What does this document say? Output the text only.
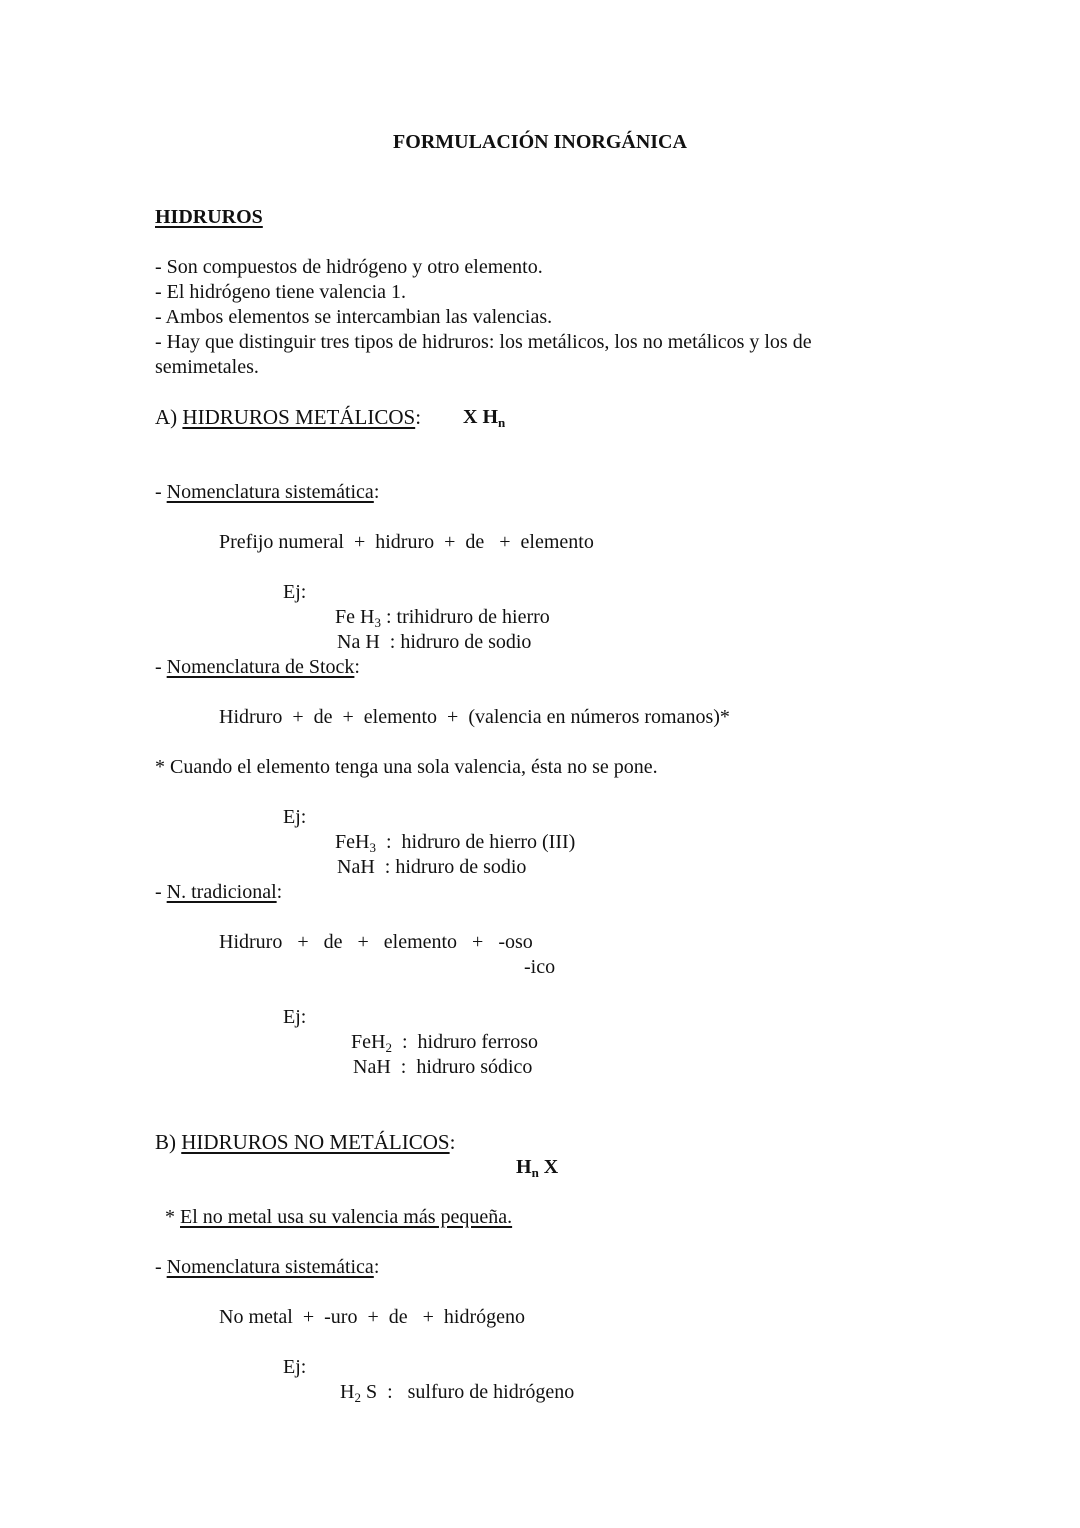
FORMULACIÓN INORGÁNICA
HIDRUROS
- Son compuestos de hidrógeno y otro elemento.
- El hidrógeno tiene valencia 1.
- Ambos elementos se intercambian las valencias.
- Hay que distinguir tres tipos de hidruros: los metálicos, los no metálicos y los de
semimetales.
A) HIDRUROS METÁLICOS: X $H_n$
- Nomenclatura sistemática:
Prefijo numeral  +  hidruro  +  de   +  elemento
Ej:

Fe $H_3$ : trihidruro de hierro

Na H  : hidruro de sodio

- Nomenclatura de Stock:
Hidruro  +  de  +  elemento  +  (valencia en números romanos)*
* Cuando el elemento tenga una sola valencia, ésta no se pone.
Ej:

FeH$_3$  :  hidruro de hierro (III)

NaH  : hidruro de sodio

- N. tradicional:
Hidruro   +   de   +   elemento   +   -oso
-ico
Ej:

FeH$_2$  :  hidruro ferroso

NaH  :  hidruro sódico

B) HIDRUROS NO METÁLICOS:

$H_n$ X

* El no metal usa su valencia más pequeña.

- Nomenclatura sistemática:
No metal  +  -uro  +  de   +  hidrógeno
Ej:

$H_2$ S  :   sulfuro de hidrógeno
